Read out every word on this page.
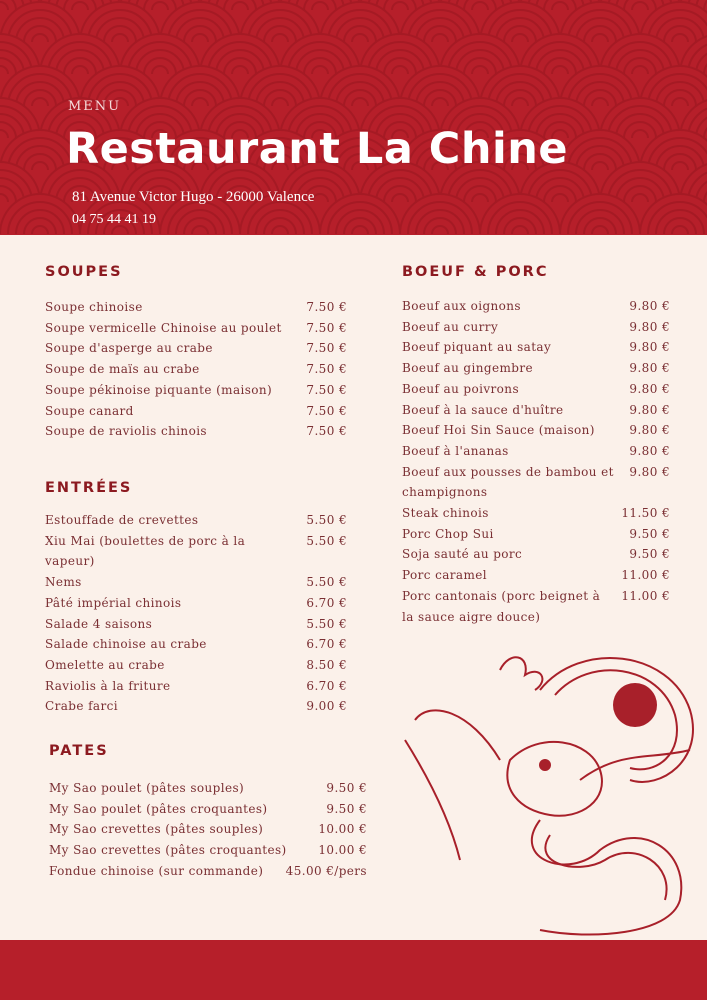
MENU
Restaurant La Chine
81 Avenue Victor Hugo - 26000 Valence
04 75 44 41 19
SOUPES
Soupe chinoise	7.50 €
Soupe vermicelle Chinoise au poulet	7.50 €
Soupe d'asperge au crabe	7.50 €
Soupe de maïs au crabe	7.50 €
Soupe pékinoise piquante (maison)	7.50 €
Soupe canard	7.50 €
Soupe de raviolis chinois	7.50 €
ENTRÉES
Estouffade de crevettes	5.50 €
Xiu Mai (boulettes de porc à la vapeur)
5.50 €
Nems	5.50 €
Pâté impérial chinois	6.70 €
Salade 4 saisons	5.50 €
Salade chinoise au crabe	6.70 €
Omelette au crabe	8.50 €
Raviolis à la friture	6.70 €
Crabe farci	9.00 €
PATES
My Sao poulet (pâtes souples)	9.50 €
My Sao poulet (pâtes croquantes)	9.50 €
My Sao crevettes (pâtes souples)	10.00 €
My Sao crevettes (pâtes croquantes)	10.00 €
Fondue chinoise (sur commande)	45.00 €/pers
BOEUF & PORC
Boeuf aux oignons	9.80 €
Boeuf au curry	9.80 €
Boeuf piquant au satay	9.80 €
Boeuf au gingembre	9.80 €
Boeuf au poivrons	9.80 €
Boeuf à la sauce d'huître	9.80 €
Boeuf Hoi Sin Sauce (maison)	9.80 €
Boeuf à l'ananas	9.80 €
Boeuf aux pousses de bambou et champignons
9.80 €
Steak chinois	11.50 €
Porc Chop Sui	9.50 €
Soja sauté au porc	9.50 €
Porc caramel	11.00 €
Porc cantonais (porc beignet à la sauce aigre douce)
11.00 €
